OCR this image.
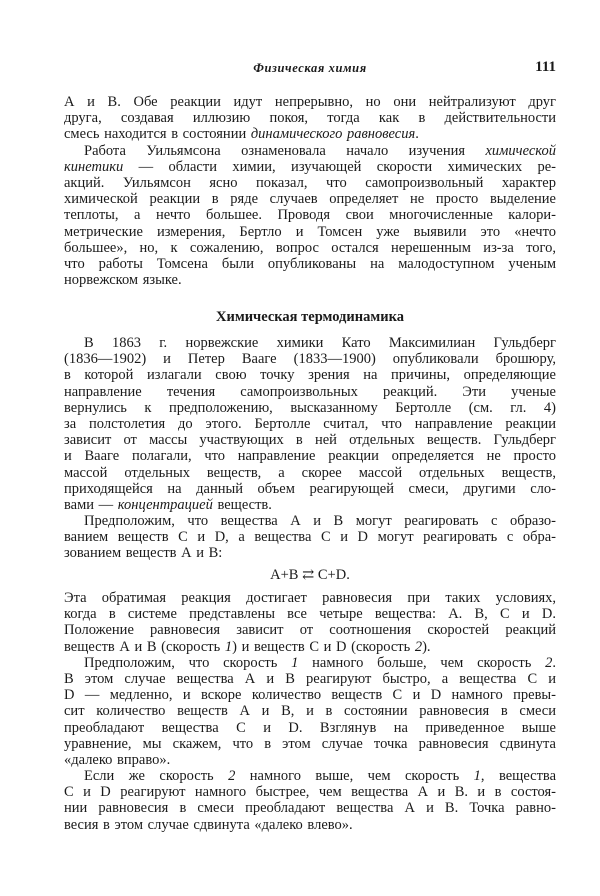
Физическая химия	111
А и В. Обе реакции идут непрерывно, но они нейтрализуют друг
друга, создавая иллюзию покоя, тогда как в действительности
смесь находится в состоянии динамического равновесия.
Работа Уильямсона ознаменовала начало изучения химической
кинетики — области химии, изучающей скорости химических ре-
акций. Уильямсон ясно показал, что самопроизвольный характер
химической реакции в ряде случаев определяет не просто выделение
теплоты, а нечто большее. Проводя свои многочисленные калори-
метрические измерения, Бертло и Томсен уже выявили это «нечто
большее», но, к сожалению, вопрос остался нерешенным из-за того,
что работы Томсена были опубликованы на малодоступном ученым
норвежском языке.
Химическая термодинамика
В 1863 г. норвежские химики Като Максимилиан Гульдберг
(1836—1902) и Петер Вааге (1833—1900) опубликовали брошюру,
в которой излагали свою точку зрения на причины, определяющие
направление течения самопроизвольных реакций. Эти ученые
вернулись к предположению, высказанному Бертолле (см. гл. 4)
за полстолетия до этого. Бертолле считал, что направление реакции
зависит от массы участвующих в ней отдельных веществ. Гульдберг
и Вааге полагали, что направление реакции определяется не просто
массой отдельных веществ, а скорее массой отдельных веществ,
приходящейся на данный объем реагирующей смеси, другими сло-
вами — концентрацией веществ.
Предположим, что вещества А и В могут реагировать с образо-
ванием веществ С и D, а вещества С и D могут реагировать с обра-
зованием веществ А и В:
A+B ⇄ C+D.
Эта обратимая реакция достигает равновесия при таких условиях,
когда в системе представлены все четыре вещества: А. В, С и D.
Положение равновесия зависит от соотношения скоростей реакций
веществ А и В (скорость 1) и веществ С и D (скорость 2).
Предположим, что скорость 1 намного больше, чем скорость 2.
В этом случае вещества А и В реагируют быстро, а вещества С и
D — медленно, и вскоре количество веществ С и D намного превы-
сит количество веществ А и В, и в состоянии равновесия в смеси
преобладают вещества С и D. Взглянув на приведенное выше
уравнение, мы скажем, что в этом случае точка равновесия сдвинута
«далеко вправо».
Если же скорость 2 намного выше, чем скорость 1, вещества
С и D реагируют намного быстрее, чем вещества А и В. и в состоя-
нии равновесия в смеси преобладают вещества А и В. Точка равно-
весия в этом случае сдвинута «далеко влево».
